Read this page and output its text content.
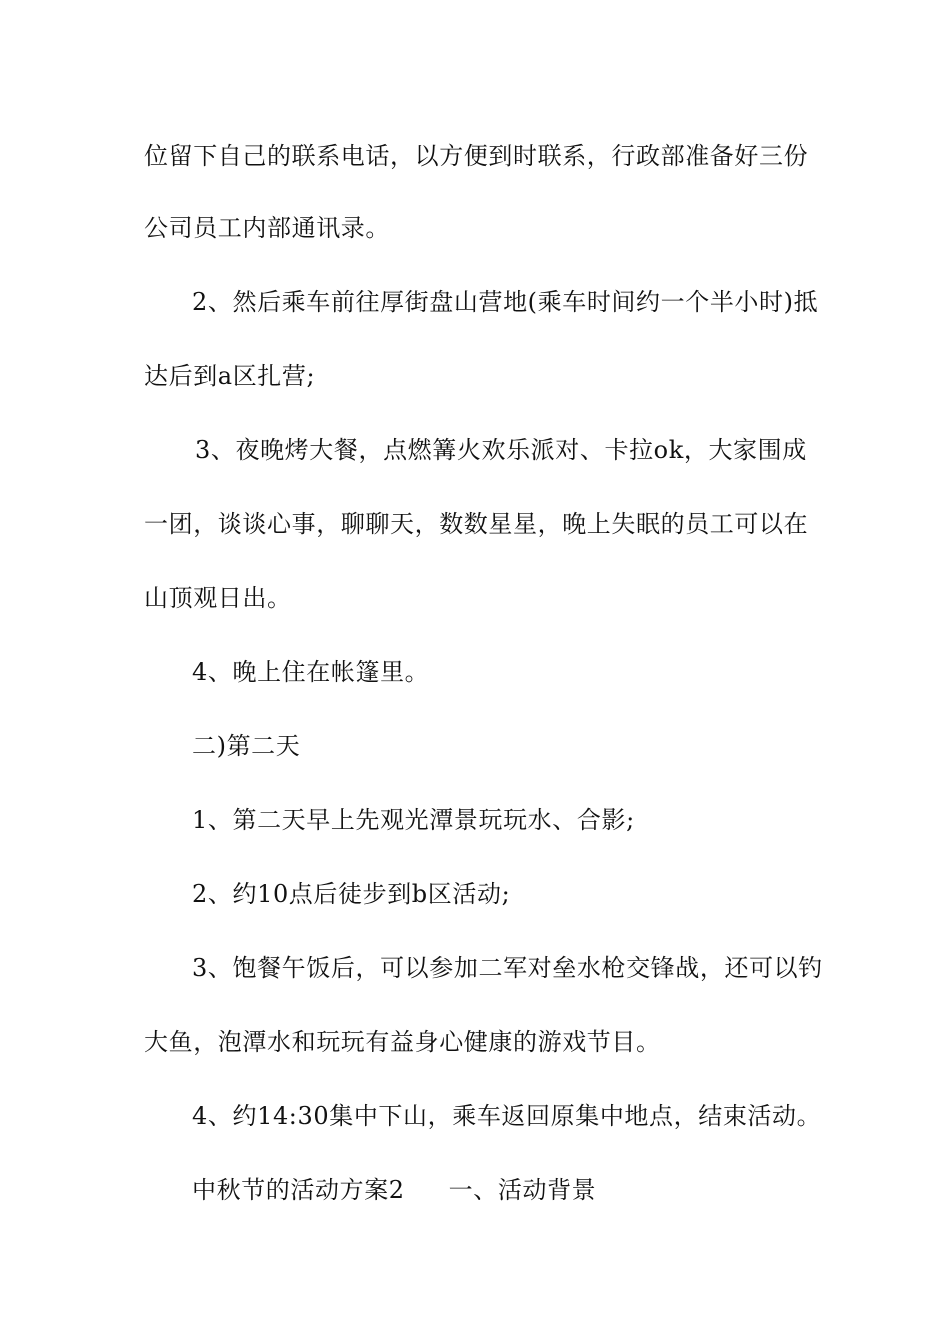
位留下自己的联系电话，以方便到时联系，行政部准备好三份
公司员工内部通讯录。
2、然后乘车前往厚街盘山营地(乘车时间约一个半小时)抵
达后到a区扎营;
3、夜晚烤大餐，点燃篝火欢乐派对、卡拉ok，大家围成
一团，谈谈心事，聊聊天，数数星星，晚上失眠的员工可以在
山顶观日出。
4、晚上住在帐篷里。
二)第二天
1、第二天早上先观光潭景玩玩水、合影;
2、约10点后徒步到b区活动;
3、饱餐午饭后，可以参加二军对垒水枪交锋战，还可以钓
大鱼，泡潭水和玩玩有益身心健康的游戏节目。
4、约14:30集中下山，乘车返回原集中地点，结束活动。
中秋节的活动方案2 一、活动背景
